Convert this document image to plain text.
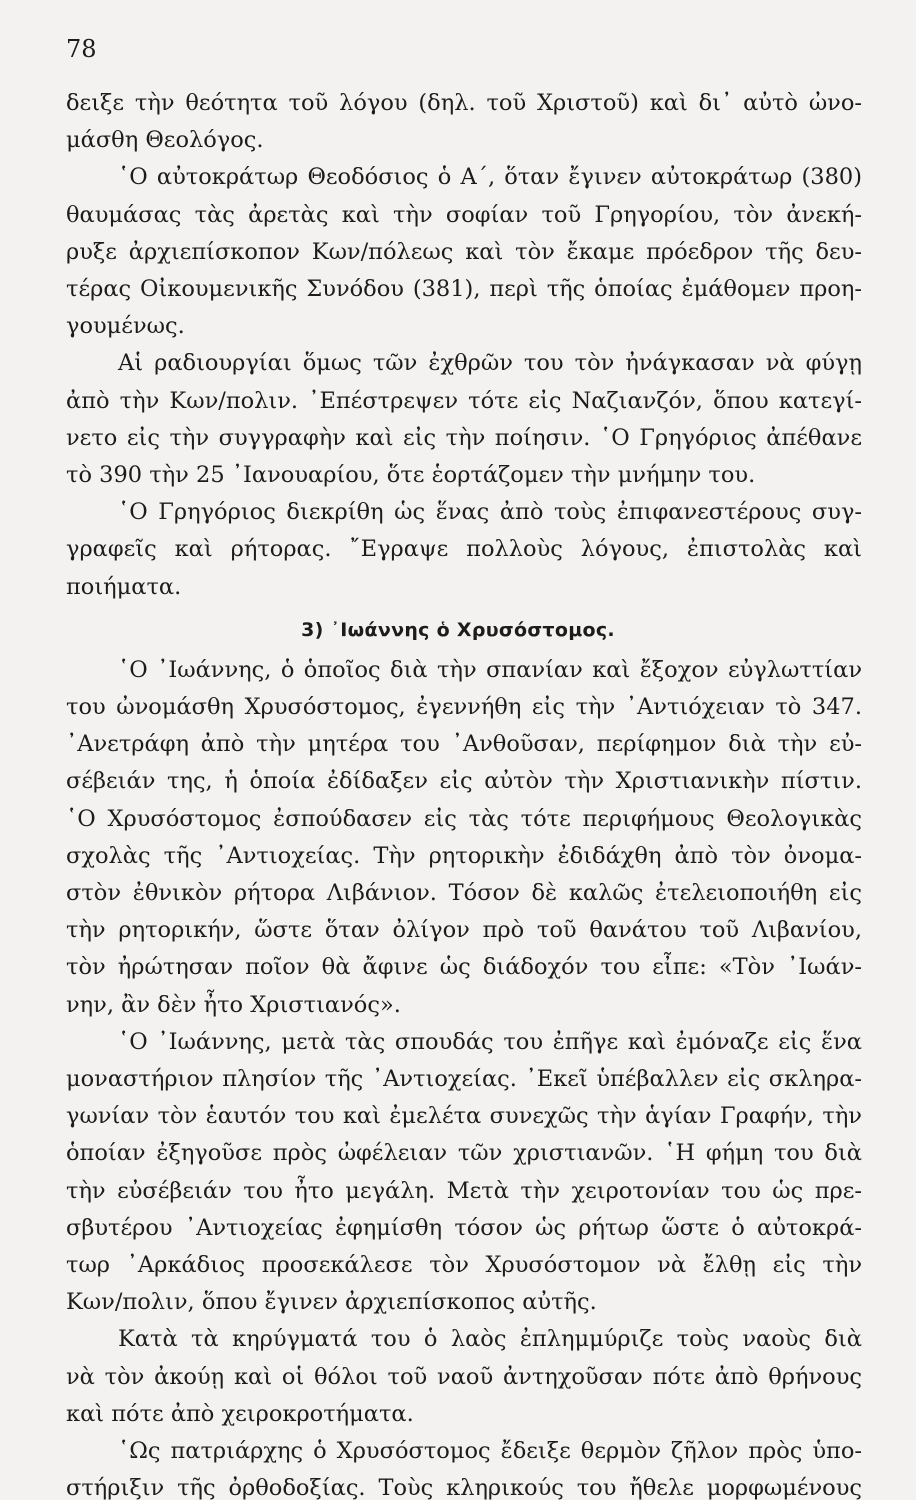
78
δειξε τὴν θεότητα τοῦ λόγου (δηλ. τοῦ Χριστοῦ) καὶ δι᾿ αὐτὸ ὠνο-
μάσθη Θεολόγος.
῾Ο αὐτοκράτωρ Θεοδόσιος ὁ Α΄, ὅταν ἔγινεν αὐτοκράτωρ (380)
θαυμάσας τὰς ἀρετὰς καὶ τὴν σοφίαν τοῦ Γρηγορίου, τὸν ἀνεκή-
ρυξε ἀρχιεπίσκοπον Κων/πόλεως καὶ τὸν ἔκαμε πρόεδρον τῆς δευ-
τέρας Οἰκουμενικῆς Συνόδου (381), περὶ τῆς ὁποίας ἐμάθομεν προη-
γουμένως.
Αἱ ραδιουργίαι ὅμως τῶν ἐχθρῶν του τὸν ἠνάγκασαν νὰ φύγῃ
ἀπὸ τὴν Κων/πολιν. ᾿Επέστρεψεν τότε εἰς Ναζιανζόν, ὅπου κατεγί-
νετο εἰς τὴν συγγραφὴν καὶ εἰς τὴν ποίησιν. ῾Ο Γρηγόριος ἀπέθανε
τὸ 390 τὴν 25 ᾿Ιανουαρίου, ὅτε ἑορτάζομεν τὴν μνήμην του.
῾Ο Γρηγόριος διεκρίθη ὡς ἕνας ἀπὸ τοὺς ἐπιφανεστέρους συγ-
γραφεῖς καὶ ρήτορας. ῎Εγραψε πολλοὺς λόγους, ἐπιστολὰς καὶ
ποιήματα.
3) ᾿Ιωάννης ὁ Χρυσόστομος.
῾Ο ᾿Ιωάννης, ὁ ὁποῖος διὰ τὴν σπανίαν καὶ ἔξοχον εὐγλωττίαν
του ὠνομάσθη Χρυσόστομος, ἐγεννήθη εἰς τὴν ᾿Αντιόχειαν τὸ 347.
᾿Ανετράφη ἀπὸ τὴν μητέρα του ᾿Ανθοῦσαν, περίφημον διὰ τὴν εὐ-
σέβειάν της, ἡ ὁποία ἐδίδαξεν εἰς αὐτὸν τὴν Χριστιανικὴν πίστιν.
῾Ο Χρυσόστομος ἐσπούδασεν εἰς τὰς τότε περιφήμους Θεολογικὰς
σχολὰς τῆς ᾿Αντιοχείας. Τὴν ρητορικὴν ἐδιδάχθη ἀπὸ τὸν ὀνομα-
στὸν ἐθνικὸν ρήτορα Λιβάνιον. Τόσον δὲ καλῶς ἐτελειοποιήθη εἰς
τὴν ρητορικήν, ὥστε ὅταν ὀλίγον πρὸ τοῦ θανάτου τοῦ Λιβανίου,
τὸν ἠρώτησαν ποῖον θὰ ἄφινε ὡς διάδοχόν του εἶπε: «Τὸν ᾿Ιωάν-
νην, ἂν δὲν ἦτο Χριστιανός».
῾Ο ᾿Ιωάννης, μετὰ τὰς σπουδάς του ἐπῆγε καὶ ἐμόναζε εἰς ἕνα
μοναστήριον πλησίον τῆς ᾿Αντιοχείας. ᾿Εκεῖ ὑπέβαλλεν εἰς σκληρα-
γωνίαν τὸν ἑαυτόν του καὶ ἐμελέτα συνεχῶς τὴν ἁγίαν Γραφήν, τὴν
ὁποίαν ἐξηγοῦσε πρὸς ὠφέλειαν τῶν χριστιανῶν. ῾Η φήμη του διὰ
τὴν εὐσέβειάν του ἦτο μεγάλη. Μετὰ τὴν χειροτονίαν του ὡς πρε-
σβυτέρου ᾿Αντιοχείας ἐφημίσθη τόσον ὡς ρήτωρ ὥστε ὁ αὐτοκρά-
τωρ ᾿Αρκάδιος προσεκάλεσε τὸν Χρυσόστομον νὰ ἔλθῃ εἰς τὴν
Κων/πολιν, ὅπου ἔγινεν ἀρχιεπίσκοπος αὐτῆς.
Κατὰ τὰ κηρύγματά του ὁ λαὸς ἐπλημμύριζε τοὺς ναοὺς διὰ
νὰ τὸν ἀκούῃ καὶ οἱ θόλοι τοῦ ναοῦ ἀντηχοῦσαν πότε ἀπὸ θρήνους
καὶ πότε ἀπὸ χειροκροτήματα.
῾Ως πατριάρχης ὁ Χρυσόστομος ἔδειξε θερμὸν ζῆλον πρὸς ὑπο-
στήριξιν τῆς ὀρθοδοξίας. Τοὺς κληρικούς του ἤθελε μορφωμένους
